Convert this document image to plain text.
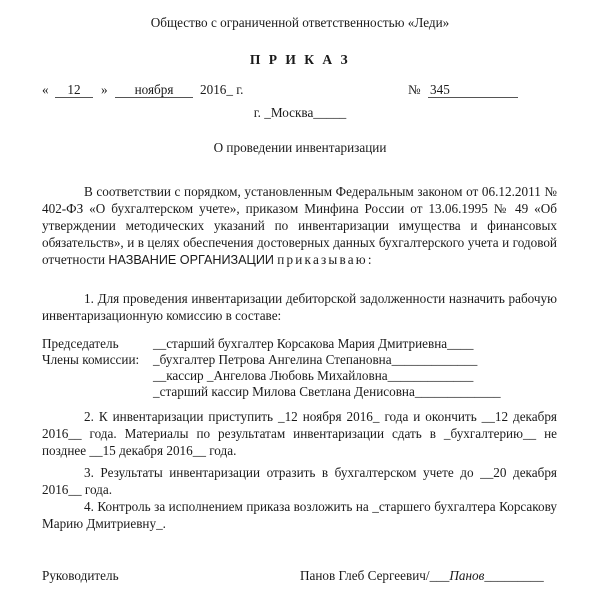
Общество с ограниченной ответственностью «Леди»
П Р И К А З
«	12	»	ноября	2016_ г.	№ 345
г. _Москва_____
О проведении инвентаризации

В соответствии с порядком, установленным Федеральным законом от 06.12.2011 № 402-ФЗ «О бухгалтерском учете», приказом Минфина России от 13.06.1995 № 49 «Об утверждении методических указаний по инвентаризации имущества и финансовых обязательств», и в целях обеспечения достоверных данных бухгалтерского учета и годовой отчетности НАЗВАНИЕ ОРГАНИЗАЦИИ приказываю:

1. Для проведения инвентаризации дебиторской задолженности назначить рабочую инвентаризационную комиссию в составе:

Председатель	__старший бухгалтер Корсакова Мария Дмитриевна____
Члены комиссии: _бухгалтер Петрова Ангелина Степановна_____________
__кассир _Ангелова Любовь Михайловна_____________
_старший кассир Милова Светлана Денисовна_____________

2. К инвентаризации приступить _12 ноября 2016_ года и окончить __12 декабря 2016__ года. Материалы по результатам инвентаризации сдать в _бухгалтерию__ не позднее __15 декабря 2016__ года.

3. Результаты инвентаризации отразить в бухгалтерском учете до __20 декабря 2016__ года.

4. Контроль за исполнением приказа возложить на _старшего бухгалтера Корсакову Марию Дмитриевну_.

Руководитель	Панов Глеб Сергеевич/___Панов_________
